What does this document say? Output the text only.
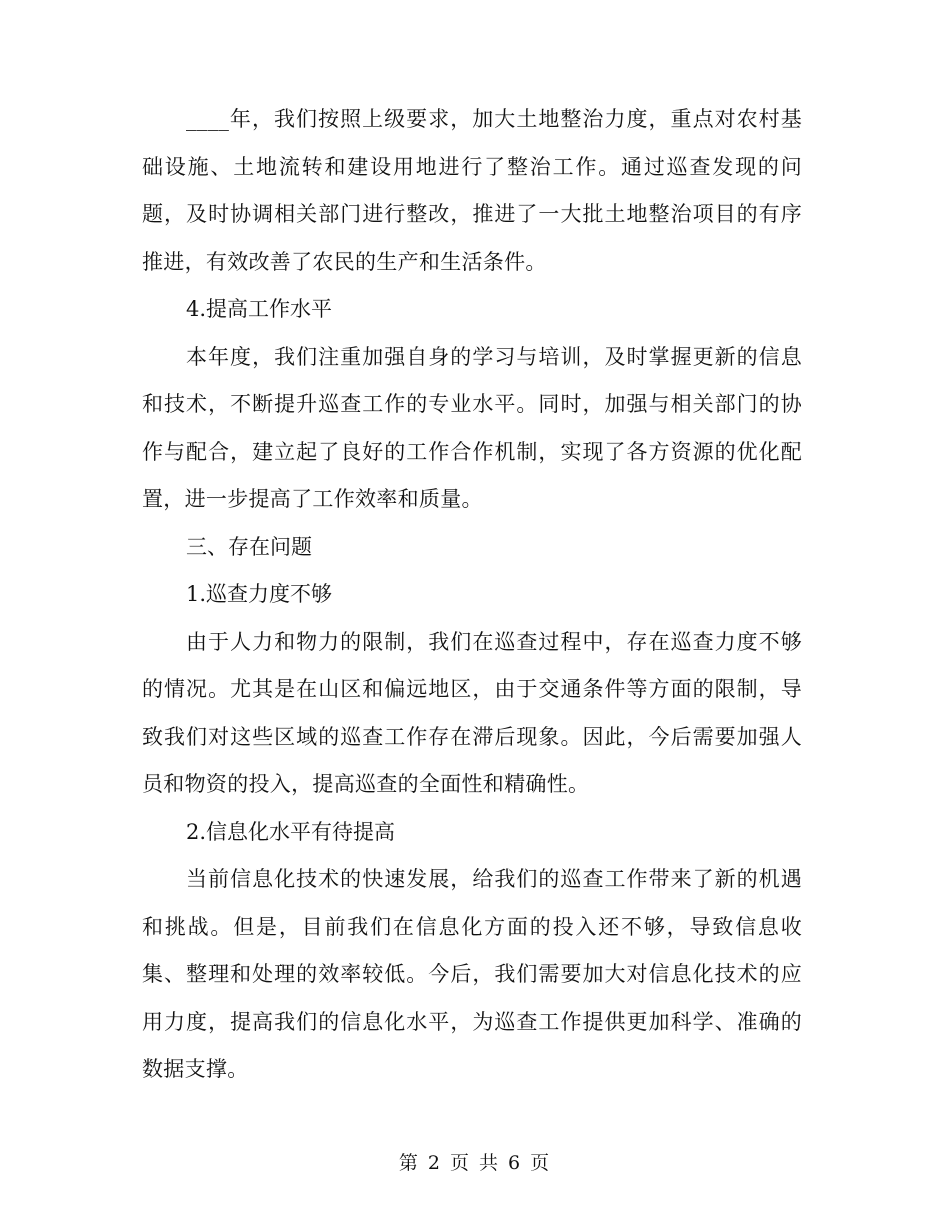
____年，我们按照上级要求，加大土地整治力度，重点对农村基础设施、土地流转和建设用地进行了整治工作。通过巡查发现的问题，及时协调相关部门进行整改，推进了一大批土地整治项目的有序推进，有效改善了农民的生产和生活条件。

4.提高工作水平

本年度，我们注重加强自身的学习与培训，及时掌握更新的信息和技术，不断提升巡查工作的专业水平。同时，加强与相关部门的协作与配合，建立起了良好的工作合作机制，实现了各方资源的优化配置，进一步提高了工作效率和质量。

三、存在问题

1.巡查力度不够

由于人力和物力的限制，我们在巡查过程中，存在巡查力度不够的情况。尤其是在山区和偏远地区，由于交通条件等方面的限制，导致我们对这些区域的巡查工作存在滞后现象。因此，今后需要加强人员和物资的投入，提高巡查的全面性和精确性。

2.信息化水平有待提高

当前信息化技术的快速发展，给我们的巡查工作带来了新的机遇和挑战。但是，目前我们在信息化方面的投入还不够，导致信息收集、整理和处理的效率较低。今后，我们需要加大对信息化技术的应用力度，提高我们的信息化水平，为巡查工作提供更加科学、准确的数据支撑。

第 2 页 共 6 页
